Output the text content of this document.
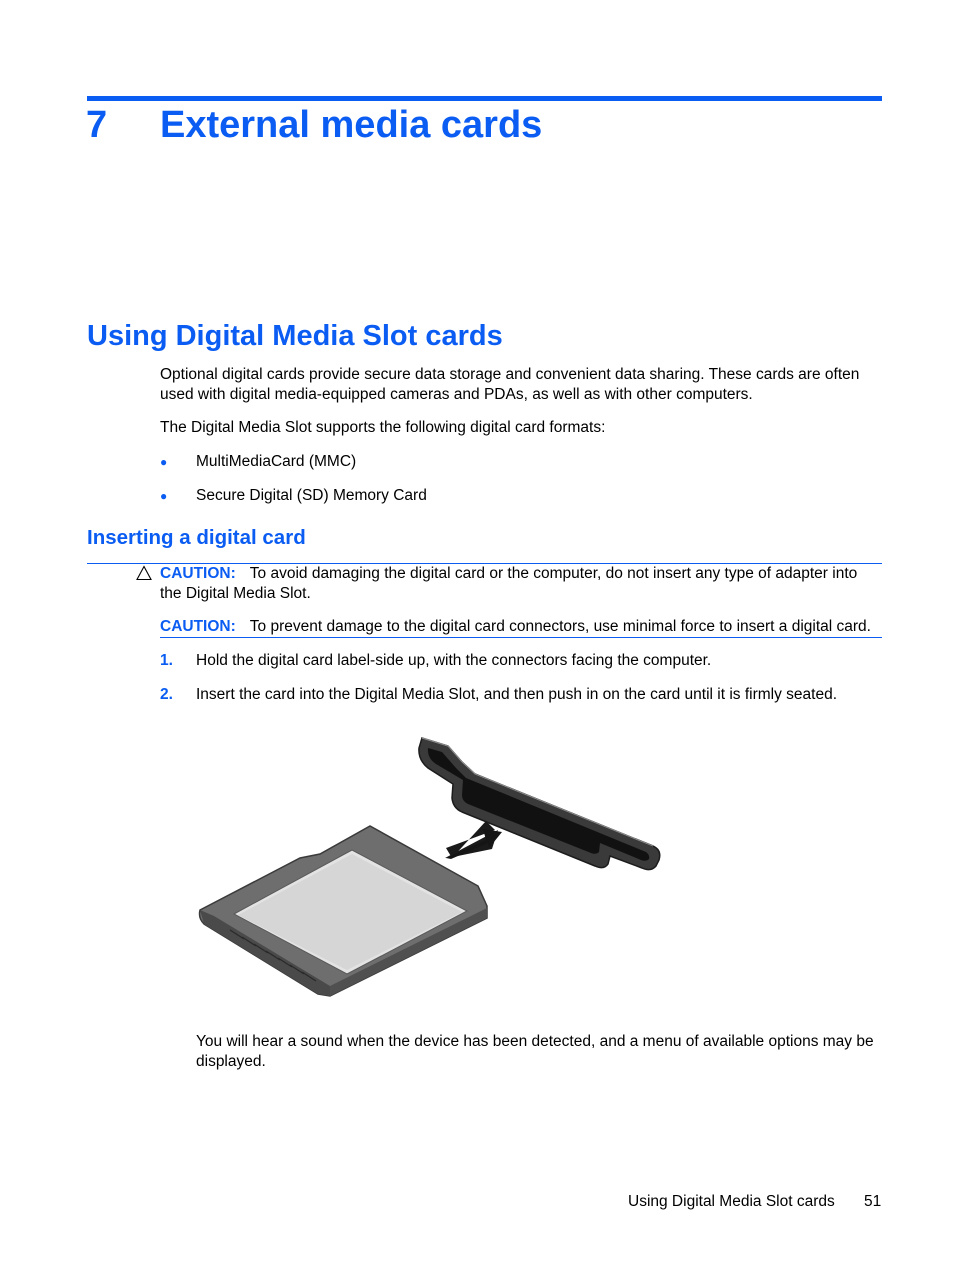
7 External media cards
Using Digital Media Slot cards
Optional digital cards provide secure data storage and convenient data sharing. These cards are often used with digital media-equipped cameras and PDAs, as well as with other computers.
The Digital Media Slot supports the following digital card formats:
● MultiMediaCard (MMC)
● Secure Digital (SD) Memory Card
Inserting a digital card
CAUTION: To avoid damaging the digital card or the computer, do not insert any type of adapter into the Digital Media Slot.
CAUTION: To prevent damage to the digital card connectors, use minimal force to insert a digital card.
1. Hold the digital card label-side up, with the connectors facing the computer.
2. Insert the card into the Digital Media Slot, and then push in on the card until it is firmly seated.
You will hear a sound when the device has been detected, and a menu of available options may be displayed.
Using Digital Media Slot cards 51
